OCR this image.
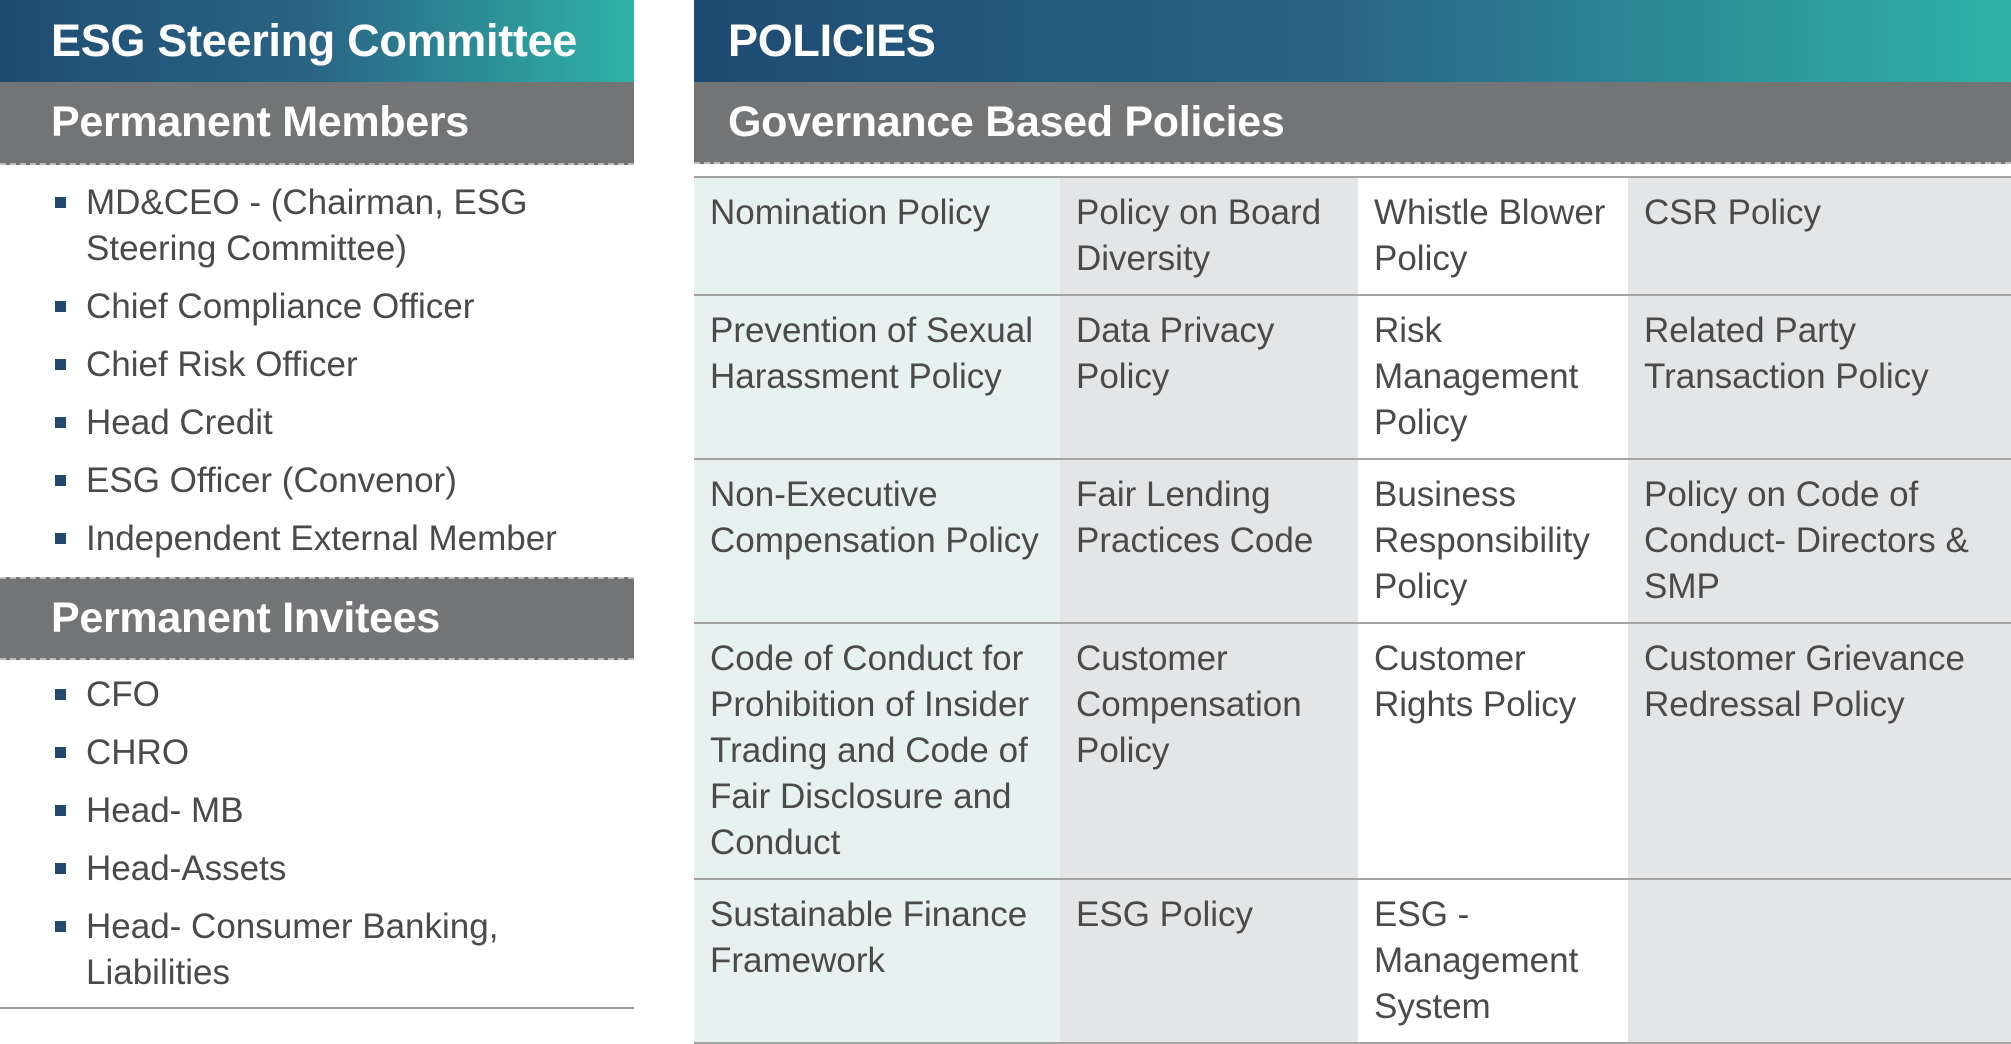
ESG Steering Committee
Permanent Members
MD&CEO - (Chairman, ESG Steering Committee)
Chief Compliance Officer
Chief Risk Officer
Head Credit
ESG Officer (Convenor)
Independent External Member
Permanent Invitees
CFO
CHRO
Head- MB
Head-Assets
Head- Consumer Banking, Liabilities
POLICIES
Governance Based Policies
Nomination Policy	Policy on Board Diversity	Whistle Blower Policy	CSR Policy
Prevention of Sexual Harassment Policy	Data Privacy Policy	Risk Management Policy	Related Party Transaction Policy
Non-Executive Compensation Policy	Fair Lending Practices Code	Business Responsibility Policy	Policy on Code of Conduct- Directors & SMP
Code of Conduct for Prohibition of Insider Trading and Code of Fair Disclosure and Conduct	Customer Compensation Policy	Customer Rights Policy	Customer Grievance Redressal Policy
Sustainable Finance Framework	ESG Policy	ESG -Management System	
